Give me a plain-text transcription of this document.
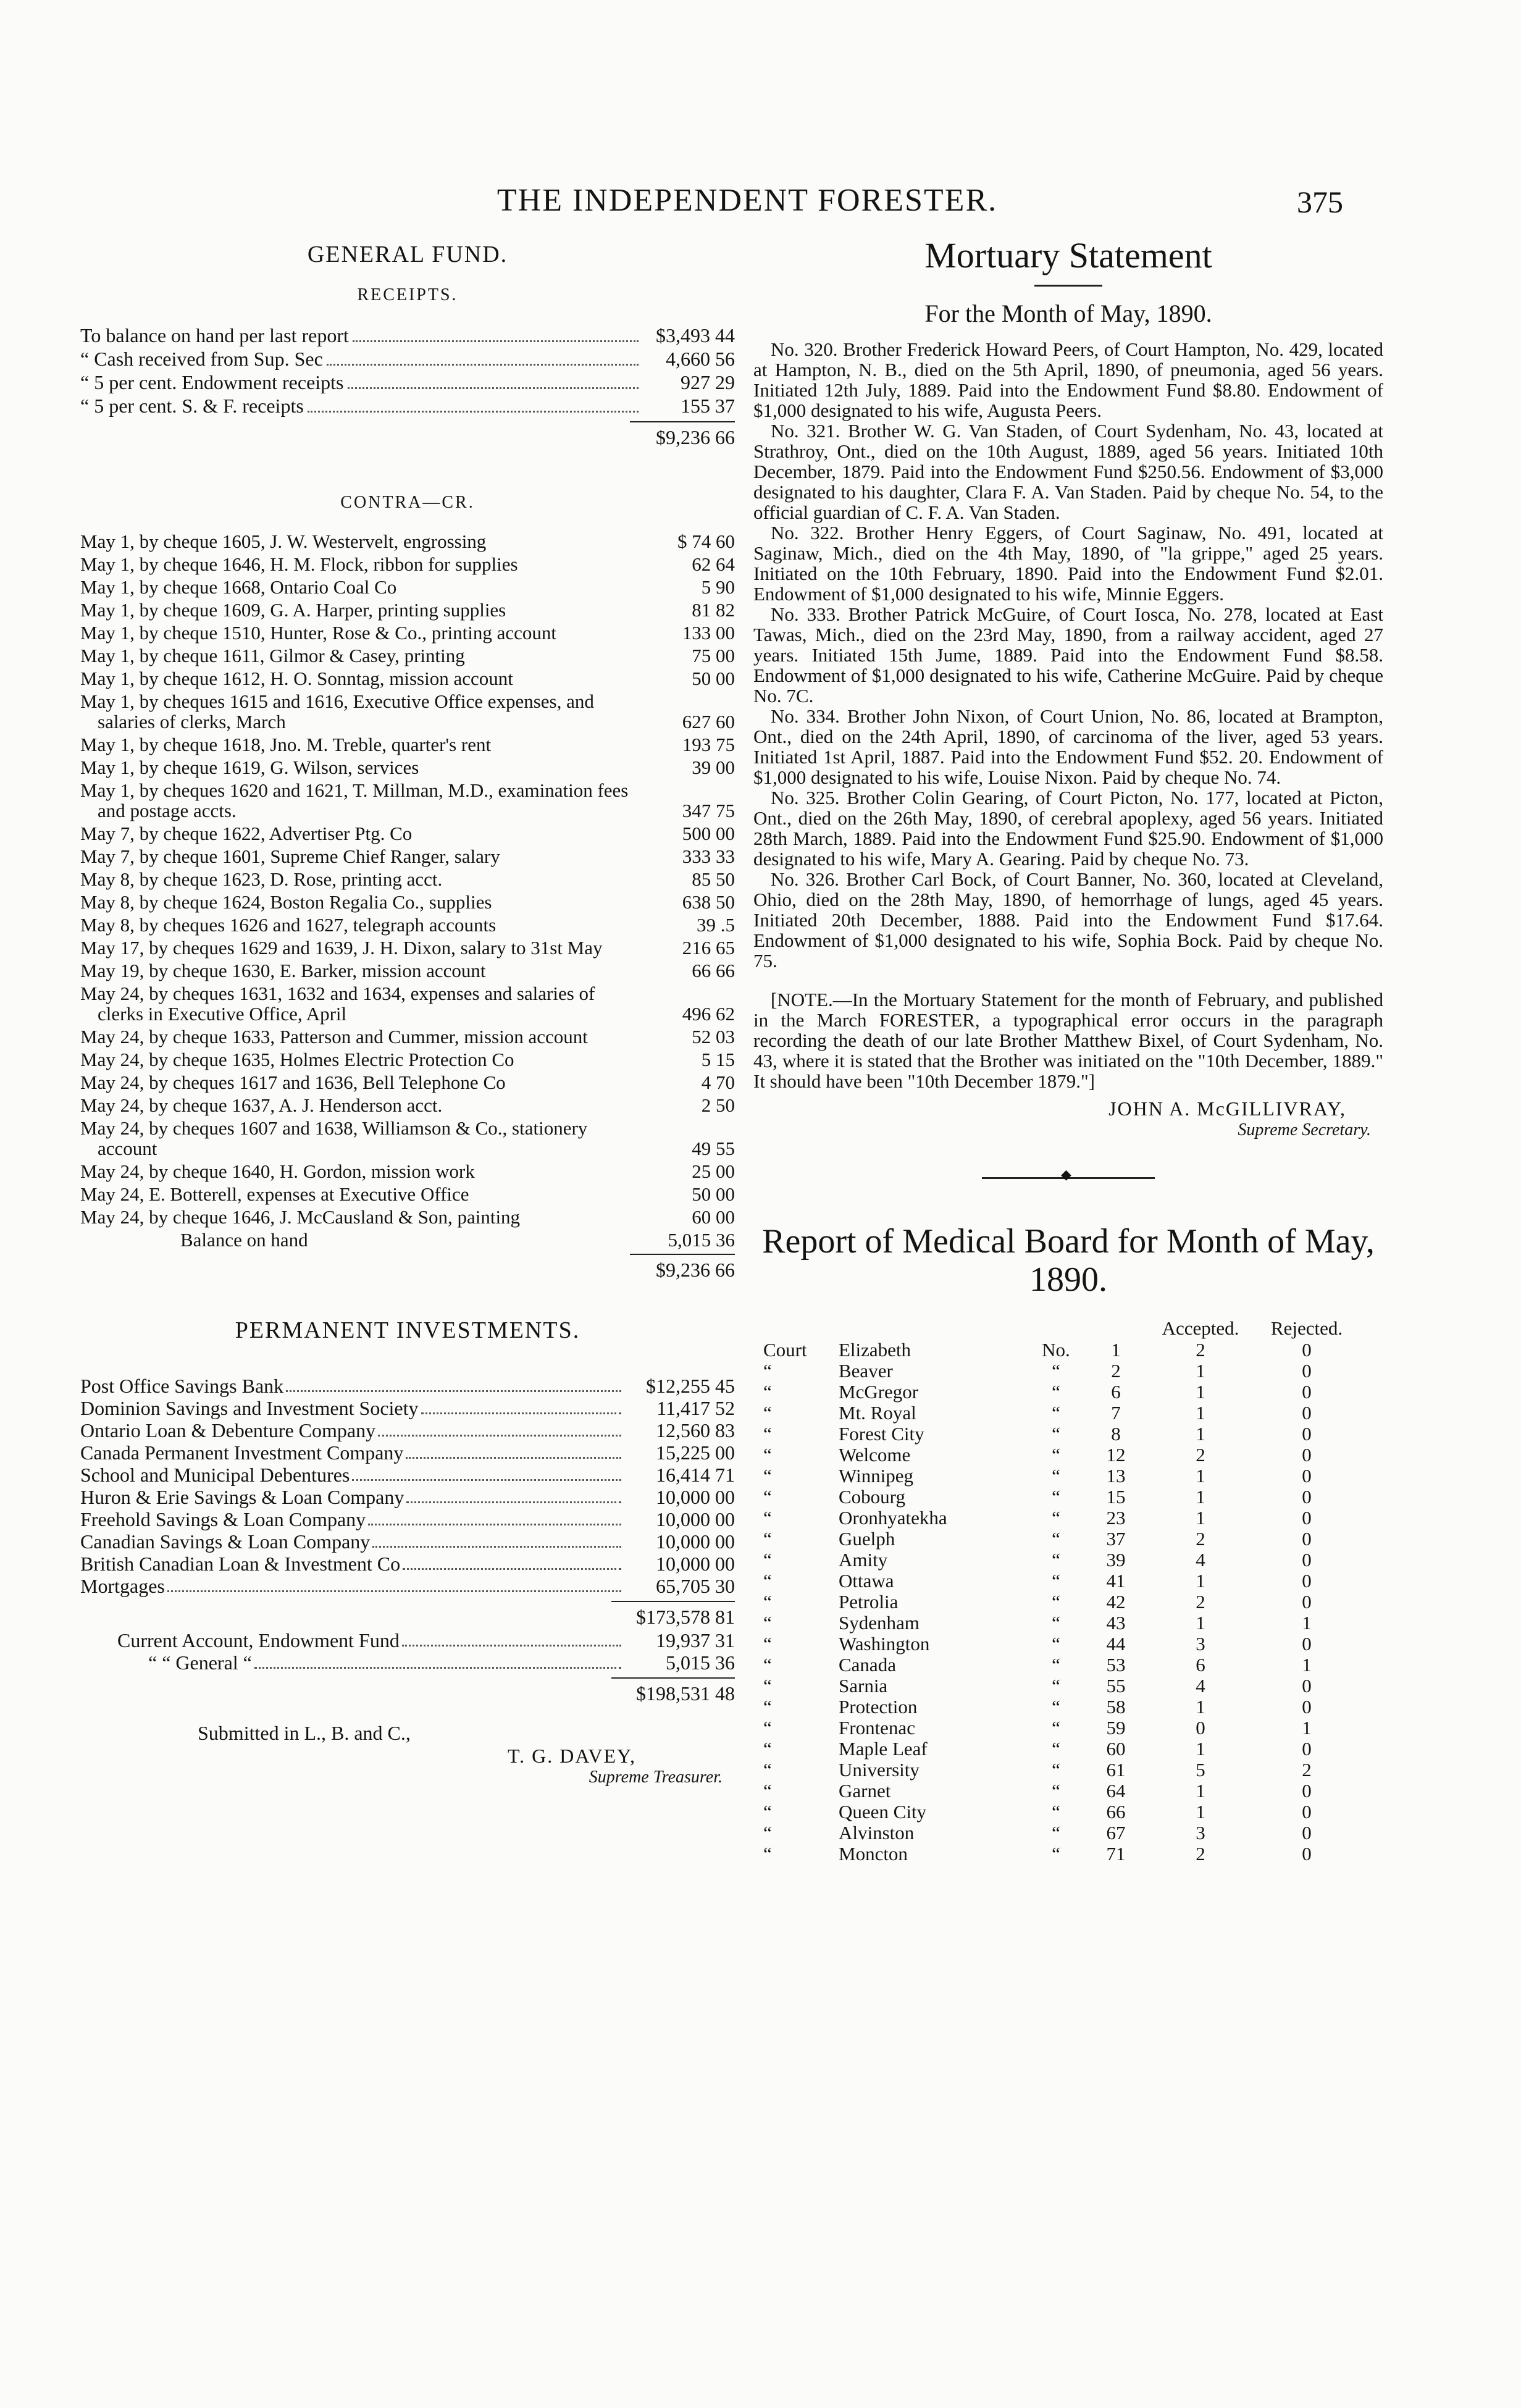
THE INDEPENDENT FORESTER.	375
GENERAL FUND.
RECEIPTS.
To balance on hand per last report	$3,493 44
“ Cash received from Sup. Sec	4,660 56
“ 5 per cent. Endowment receipts	927 29
“ 5 per cent. S. & F. receipts	155 37
$9,236 66
CONTRA—CR.
May 1, by cheque 1605, J. W. Westervelt, engrossing	$ 74 60
May 1, by cheque 1646, H. M. Flock, ribbon for supplies	62 64
May 1, by cheque 1668, Ontario Coal Co	5 90
May 1, by cheque 1609, G. A. Harper, printing supplies	81 82
May 1, by cheque 1510, Hunter, Rose & Co., printing account	133 00
May 1, by cheque 1611, Gilmor & Casey, printing	75 00
May 1, by cheque 1612, H. O. Sonntag, mission account	50 00
May 1, by cheques 1615 and 1616, Executive Office expenses, and salaries of clerks, March	627 60
May 1, by cheque 1618, Jno. M. Treble, quarter's rent	193 75
May 1, by cheque 1619, G. Wilson, services	39 00
May 1, by cheques 1620 and 1621, T. Millman, M.D., examination fees and postage accts.	347 75
May 7, by cheque 1622, Advertiser Ptg. Co	500 00
May 7, by cheque 1601, Supreme Chief Ranger, salary	333 33
May 8, by cheque 1623, D. Rose, printing acct.	85 50
May 8, by cheque 1624, Boston Regalia Co., supplies	638 50
May 8, by cheques 1626 and 1627, telegraph accounts	39 .5
May 17, by cheques 1629 and 1639, J. H. Dixon, salary to 31st May	216 65
May 19, by cheque 1630, E. Barker, mission account	66 66
May 24, by cheques 1631, 1632 and 1634, expenses and salaries of clerks in Executive Office, April	496 62
May 24, by cheque 1633, Patterson and Cummer, mission account	52 03
May 24, by cheque 1635, Holmes Electric Protection Co	5 15
May 24, by cheques 1617 and 1636, Bell Telephone Co	4 70
May 24, by cheque 1637, A. J. Henderson acct.	2 50
May 24, by cheques 1607 and 1638, Williamson & Co., stationery account	49 55
May 24, by cheque 1640, H. Gordon, mission work	25 00
May 24, E. Botterell, expenses at Executive Office	50 00
May 24, by cheque 1646, J. McCausland & Son, painting	60 00
Balance on hand	5,015 36
$9,236 66
PERMANENT INVESTMENTS.
Post Office Savings Bank	$12,255 45
Dominion Savings and Investment Society	11,417 52
Ontario Loan & Debenture Company	12,560 83
Canada Permanent Investment Company	15,225 00
School and Municipal Debentures	16,414 71
Huron & Erie Savings & Loan Company	10,000 00
Freehold Savings & Loan Company	10,000 00
Canadian Savings & Loan Company	10,000 00
British Canadian Loan & Investment Co	10,000 00
Mortgages	65,705 30
$173,578 81
Current Account, Endowment Fund	19,937 31
“ “ General “	5,015 36
$198,531 48
Submitted in L., B. and C.,
T. G. DAVEY,
Supreme Treasurer.
Mortuary Statement
For the Month of May, 1890.

No. 320. Brother Frederick Howard Peers, of Court Hampton, No. 429, located at Hampton, N. B., died on the 5th April, 1890, of pneumonia, aged 56 years. Initiated 12th July, 1889. Paid into the Endowment Fund $8.80. Endowment of $1,000 designated to his wife, Augusta Peers.

No. 321. Brother W. G. Van Staden, of Court Sydenham, No. 43, located at Strathroy, Ont., died on the 10th August, 1889, aged 56 years. Initiated 10th December, 1879. Paid into the Endowment Fund $250.56. Endowment of $3,000 designated to his daughter, Clara F. A. Van Staden. Paid by cheque No. 54, to the official guardian of C. F. A. Van Staden.

No. 322. Brother Henry Eggers, of Court Saginaw, No. 491, located at Saginaw, Mich., died on the 4th May, 1890, of "la grippe," aged 25 years. Initiated on the 10th February, 1890. Paid into the Endowment Fund $2.01. Endowment of $1,000 designated to his wife, Minnie Eggers.

No. 333. Brother Patrick McGuire, of Court Iosca, No. 278, located at East Tawas, Mich., died on the 23rd May, 1890, from a railway accident, aged 27 years. Initiated 15th Jume, 1889. Paid into the Endowment Fund $8.58. Endowment of $1,000 designated to his wife, Catherine McGuire. Paid by cheque No. 7C.

No. 334. Brother John Nixon, of Court Union, No. 86, located at Brampton, Ont., died on the 24th April, 1890, of carcinoma of the liver, aged 53 years. Initiated 1st April, 1887. Paid into the Endowment Fund $52. 20. Endowment of $1,000 designated to his wife, Louise Nixon. Paid by cheque No. 74.

No. 325. Brother Colin Gearing, of Court Picton, No. 177, located at Picton, Ont., died on the 26th May, 1890, of cerebral apoplexy, aged 56 years. Initiated 28th March, 1889. Paid into the Endowment Fund $25.90. Endowment of $1,000 designated to his wife, Mary A. Gearing. Paid by cheque No. 73.

No. 326. Brother Carl Bock, of Court Banner, No. 360, located at Cleveland, Ohio, died on the 28th May, 1890, of hemorrhage of lungs, aged 45 years. Initiated 20th December, 1888. Paid into the Endowment Fund $17.64. Endowment of $1,000 designated to his wife, Sophia Bock. Paid by cheque No. 75.

[NOTE.—In the Mortuary Statement for the month of February, and published in the March FORESTER, a typographical error occurs in the paragraph recording the death of our late Brother Matthew Bixel, of Court Sydenham, No. 43, where it is stated that the Brother was initiated on the "10th December, 1889." It should have been "10th December 1879."]

JOHN A. McGILLIVRAY,
Supreme Secretary.
◆
Report of Medical Board for Month of May, 1890.
				Accepted.	Rejected.
Court	Elizabeth	No.	1	2	0
“	Beaver	“	2	1	0
“	McGregor	“	6	1	0
“	Mt. Royal	“	7	1	0
“	Forest City	“	8	1	0
“	Welcome	“	12	2	0
“	Winnipeg	“	13	1	0
“	Cobourg	“	15	1	0
“	Oronhyatekha	“	23	1	0
“	Guelph	“	37	2	0
“	Amity	“	39	4	0
“	Ottawa	“	41	1	0
“	Petrolia	“	42	2	0
“	Sydenham	“	43	1	1
“	Washington	“	44	3	0
“	Canada	“	53	6	1
“	Sarnia	“	55	4	0
“	Protection	“	58	1	0
“	Frontenac	“	59	0	1
“	Maple Leaf	“	60	1	0
“	University	“	61	5	2
“	Garnet	“	64	1	0
“	Queen City	“	66	1	0
“	Alvinston	“	67	3	0
“	Moncton	“	71	2	0
